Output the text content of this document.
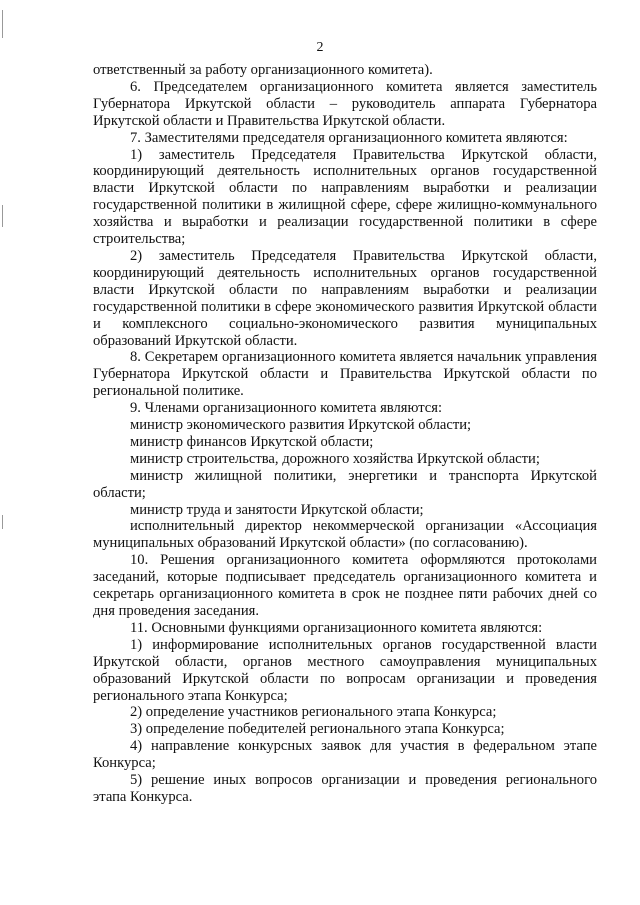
2

ответственный за работу организационного комитета).

6. Председателем организационного комитета является заместитель Губернатора Иркутской области – руководитель аппарата Губернатора Иркутской области и Правительства Иркутской области.

7. Заместителями председателя организационного комитета являются:

1) заместитель Председателя Правительства Иркутской области, координирующий деятельность исполнительных органов государственной власти Иркутской области по направлениям выработки и реализации государственной политики в жилищной сфере, сфере жилищно-коммунального хозяйства и выработки и реализации государственной политики в сфере строительства;

2) заместитель Председателя Правительства Иркутской области, координирующий деятельность исполнительных органов государственной власти Иркутской области по направлениям выработки и реализации государственной политики в сфере экономического развития Иркутской области и комплексного социально-экономического развития муниципальных образований Иркутской области.

8. Секретарем организационного комитета является начальник управления Губернатора Иркутской области и Правительства Иркутской области по региональной политике.

9. Членами организационного комитета являются:

министр экономического развития Иркутской области;

министр финансов Иркутской области;

министр строительства, дорожного хозяйства Иркутской области;

министр жилищной политики, энергетики и транспорта Иркутской области;

министр труда и занятости Иркутской области;

исполнительный директор некоммерческой организации «Ассоциация муниципальных образований Иркутской области» (по согласованию).

10. Решения организационного комитета оформляются протоколами заседаний, которые подписывает председатель организационного комитета и секретарь организационного комитета в срок не позднее пяти рабочих дней со дня проведения заседания.

11. Основными функциями организационного комитета являются:

1) информирование исполнительных органов государственной власти Иркутской области, органов местного самоуправления муниципальных образований Иркутской области по вопросам организации и проведения регионального этапа Конкурса;

2) определение участников регионального этапа Конкурса;

3) определение победителей регионального этапа Конкурса;

4) направление конкурсных заявок для участия в федеральном этапе Конкурса;

5) решение иных вопросов организации и проведения регионального этапа Конкурса.
